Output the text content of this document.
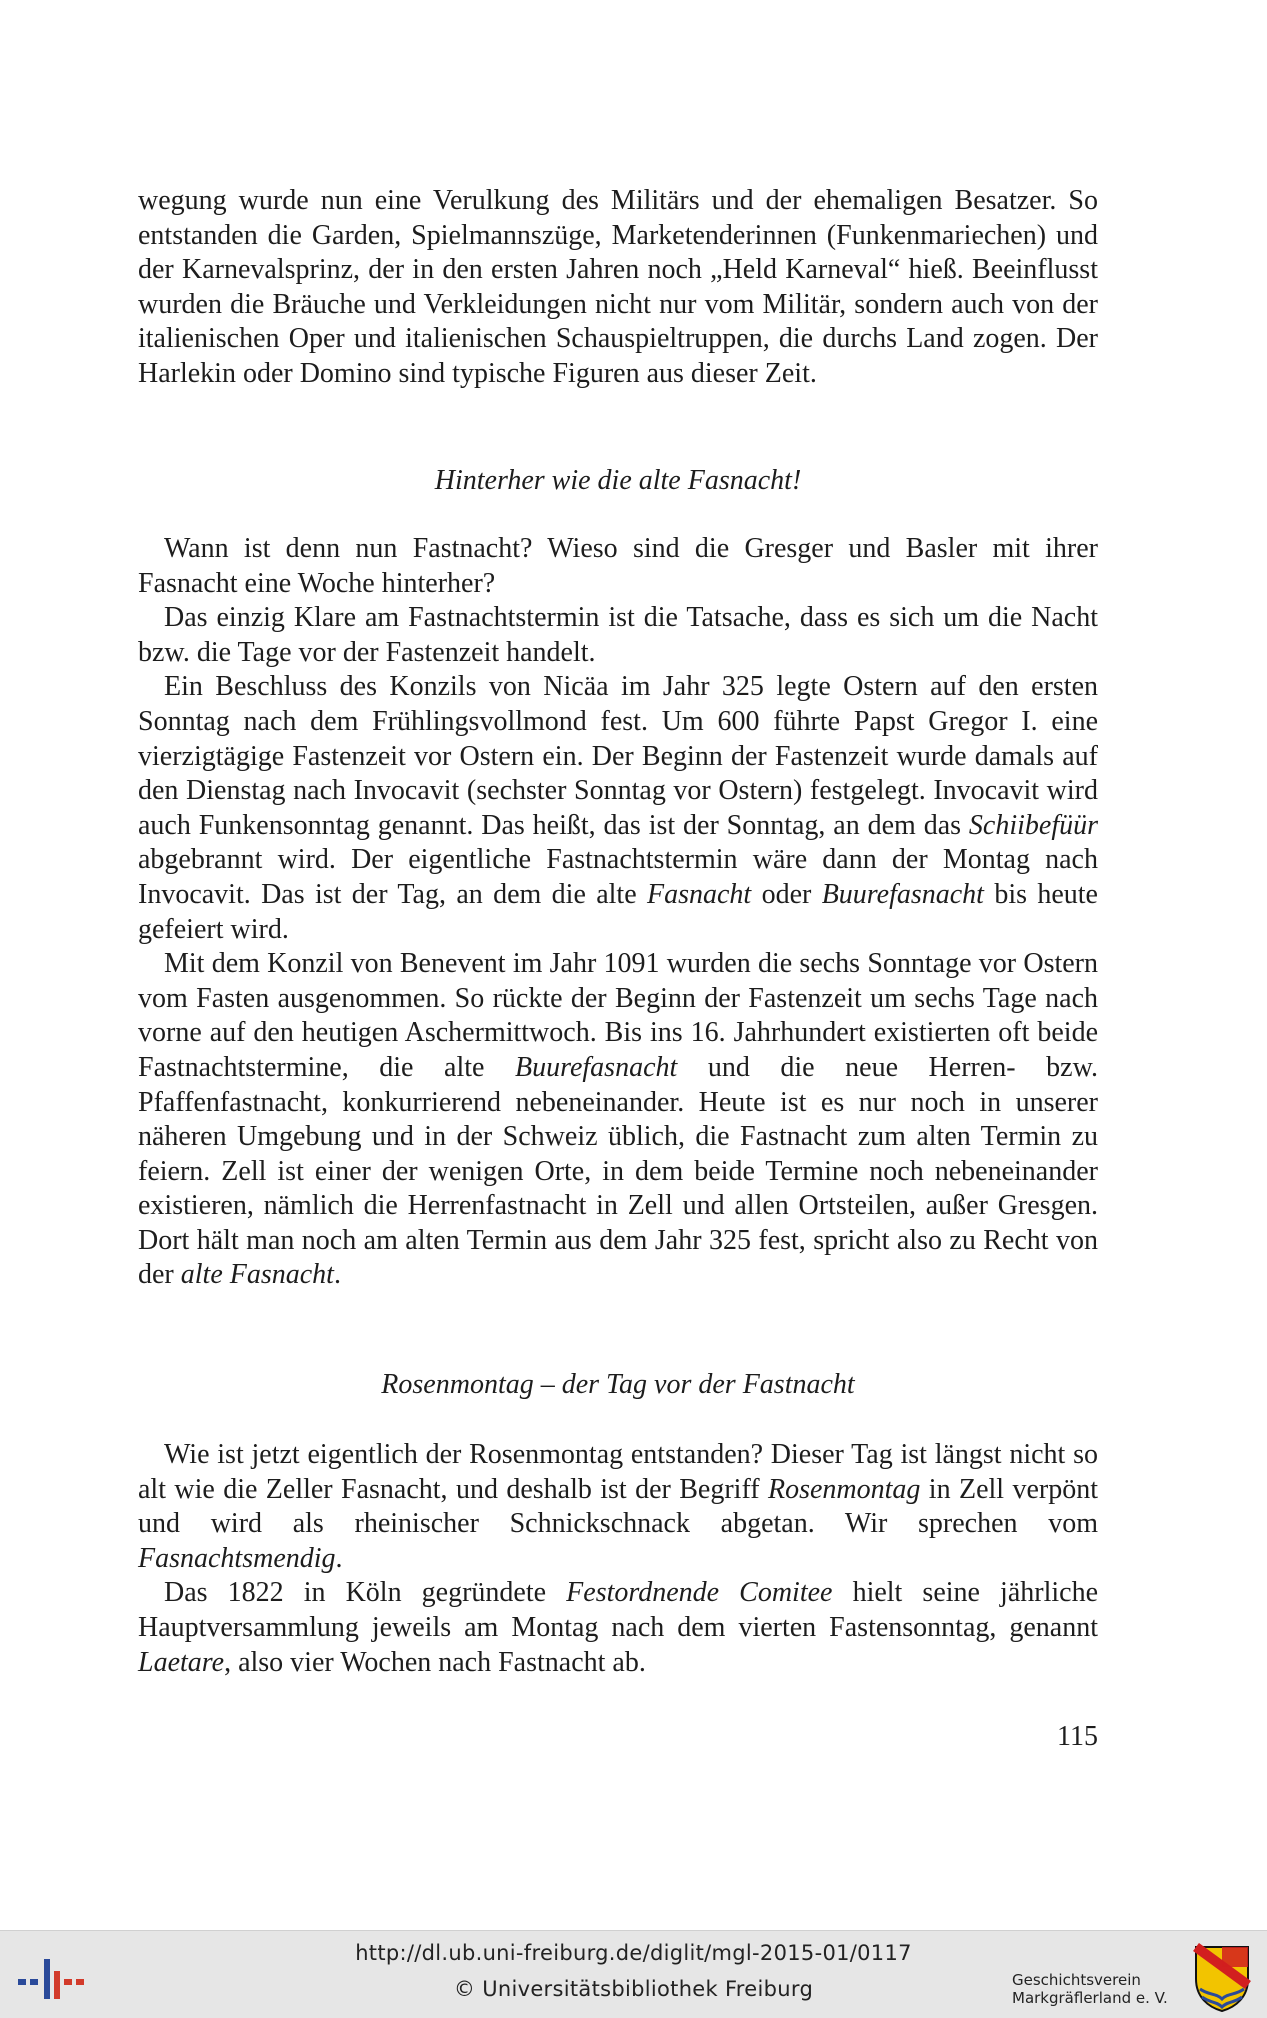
wegung wurde nun eine Verulkung des Militärs und der ehemaligen Besatzer. So entstanden die Garden, Spielmannszüge, Marketenderinnen (Funkenmariechen) und der Karnevalsprinz, der in den ersten Jahren noch „Held Karneval“ hieß. Beeinflusst wurden die Bräuche und Verkleidungen nicht nur vom Militär, sondern auch von der italienischen Oper und italienischen Schauspieltruppen, die durchs Land zogen. Der Harlekin oder Domino sind typische Figuren aus dieser Zeit.

Hinterher wie die alte Fasnacht!

Wann ist denn nun Fastnacht? Wieso sind die Gresger und Basler mit ihrer Fasnacht eine Woche hinterher?

Das einzig Klare am Fastnachtstermin ist die Tatsache, dass es sich um die Nacht bzw. die Tage vor der Fastenzeit handelt.

Ein Beschluss des Konzils von Nicäa im Jahr 325 legte Ostern auf den ersten Sonntag nach dem Frühlingsvollmond fest. Um 600 führte Papst Gregor I. eine vierzigtägige Fastenzeit vor Ostern ein. Der Beginn der Fastenzeit wurde damals auf den Dienstag nach Invocavit (sechster Sonntag vor Ostern) festgelegt. Invocavit wird auch Funkensonntag genannt. Das heißt, das ist der Sonntag, an dem das Schiibefüür abgebrannt wird. Der eigentliche Fastnachtstermin wäre dann der Montag nach Invocavit. Das ist der Tag, an dem die alte Fasnacht oder Buurefasnacht bis heute gefeiert wird.

Mit dem Konzil von Benevent im Jahr 1091 wurden die sechs Sonntage vor Ostern vom Fasten ausgenommen. So rückte der Beginn der Fastenzeit um sechs Tage nach vorne auf den heutigen Aschermittwoch. Bis ins 16. Jahrhundert existierten oft beide Fastnachtstermine, die alte Buurefasnacht und die neue Herren- bzw. Pfaffenfastnacht, konkurrierend nebeneinander. Heute ist es nur noch in unserer näheren Umgebung und in der Schweiz üblich, die Fastnacht zum alten Termin zu feiern. Zell ist einer der wenigen Orte, in dem beide Termine noch nebeneinander existieren, nämlich die Herrenfastnacht in Zell und allen Ortsteilen, außer Gresgen. Dort hält man noch am alten Termin aus dem Jahr 325 fest, spricht also zu Recht von der alte Fasnacht.

Rosenmontag – der Tag vor der Fastnacht

Wie ist jetzt eigentlich der Rosenmontag entstanden? Dieser Tag ist längst nicht so alt wie die Zeller Fasnacht, und deshalb ist der Begriff Rosenmontag in Zell verpönt und wird als rheinischer Schnickschnack abgetan. Wir sprechen vom Fasnachtsmendig.

Das 1822 in Köln gegründete Festordnende Comitee hielt seine jährliche Hauptversammlung jeweils am Montag nach dem vierten Fastensonntag, genannt Laetare, also vier Wochen nach Fastnacht ab.

115
http://dl.ub.uni-freiburg.de/diglit/mgl-2015-01/0117
© Universitätsbibliothek Freiburg	Geschichtsverein
Markgräflerland e. V.
